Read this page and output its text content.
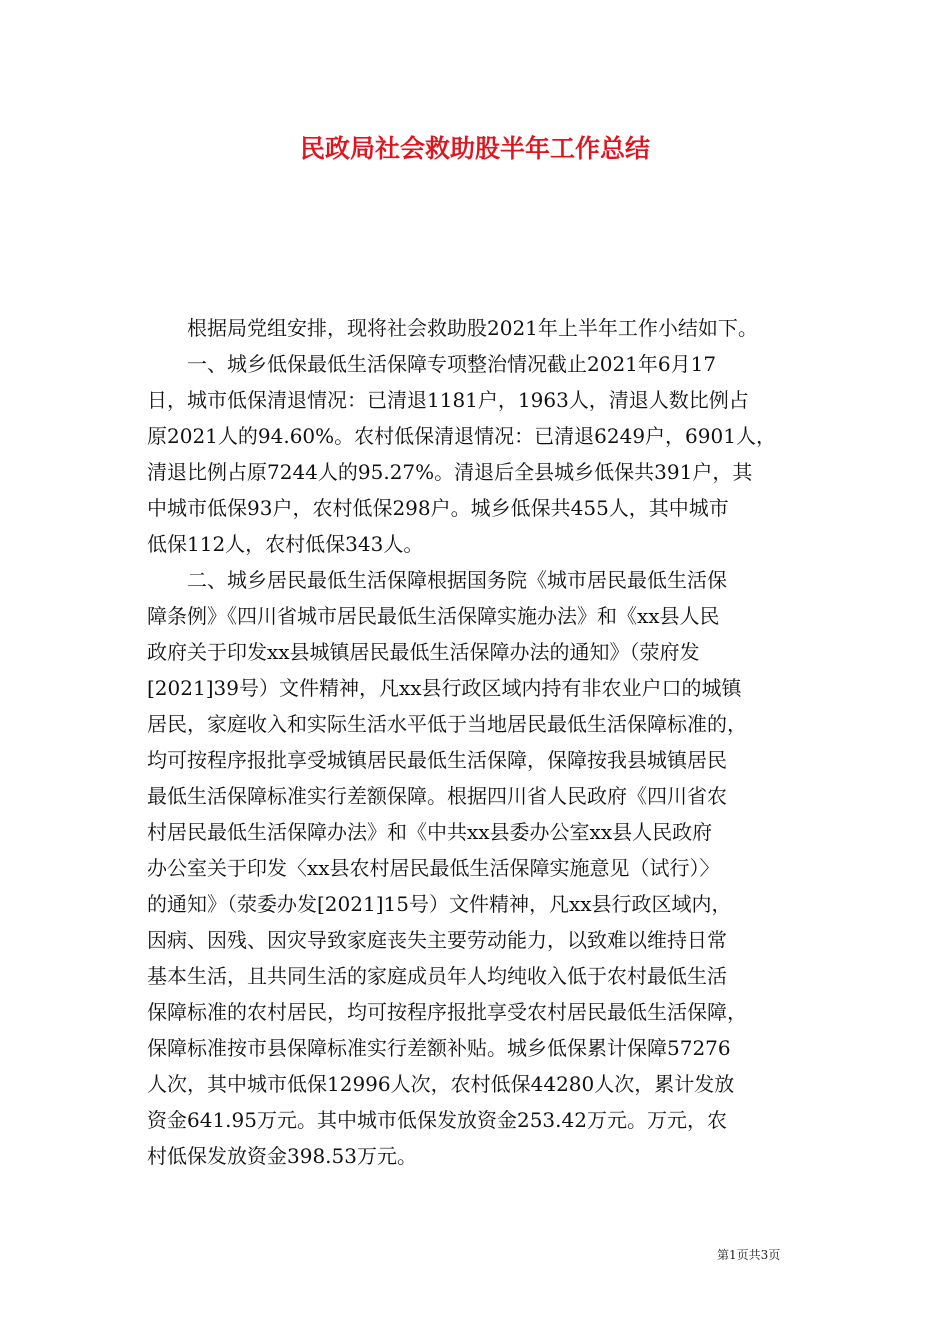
民政局社会救助股半年工作总结

　　根据局党组安排，现将社会救助股2021年上半年工作小结如下。

　　一、城乡低保最低生活保障专项整治情况截止2021年6月17

日，城市低保清退情况：已清退1181户，1963人，清退人数比例占

原2021人的94.60%。农村低保清退情况：已清退6249户，6901人，

清退比例占原7244人的95.27%。清退后全县城乡低保共391户，其

中城市低保93户，农村低保298户。城乡低保共455人，其中城市

低保112人，农村低保343人。

　　二、城乡居民最低生活保障根据国务院《城市居民最低生活保

障条例》《四川省城市居民最低生活保障实施办法》和《xx县人民

政府关于印发xx县城镇居民最低生活保障办法的通知》（荥府发

[2021]39号）文件精神，凡xx县行政区域内持有非农业户口的城镇

居民，家庭收入和实际生活水平低于当地居民最低生活保障标准的，

均可按程序报批享受城镇居民最低生活保障，保障按我县城镇居民

最低生活保障标准实行差额保障。根据四川省人民政府《四川省农

村居民最低生活保障办法》和《中共xx县委办公室xx县人民政府

办公室关于印发〈xx县农村居民最低生活保障实施意见（试行）〉

的通知》（荥委办发[2021]15号）文件精神，凡xx县行政区域内，

因病、因残、因灾导致家庭丧失主要劳动能力，以致难以维持日常

基本生活，且共同生活的家庭成员年人均纯收入低于农村最低生活

保障标准的农村居民，均可按程序报批享受农村居民最低生活保障，

保障标准按市县保障标准实行差额补贴。城乡低保累计保障57276

人次，其中城市低保12996人次，农村低保44280人次，累计发放

资金641.95万元。其中城市低保发放资金253.42万元。万元，农

村低保发放资金398.53万元。

第1页共3页
